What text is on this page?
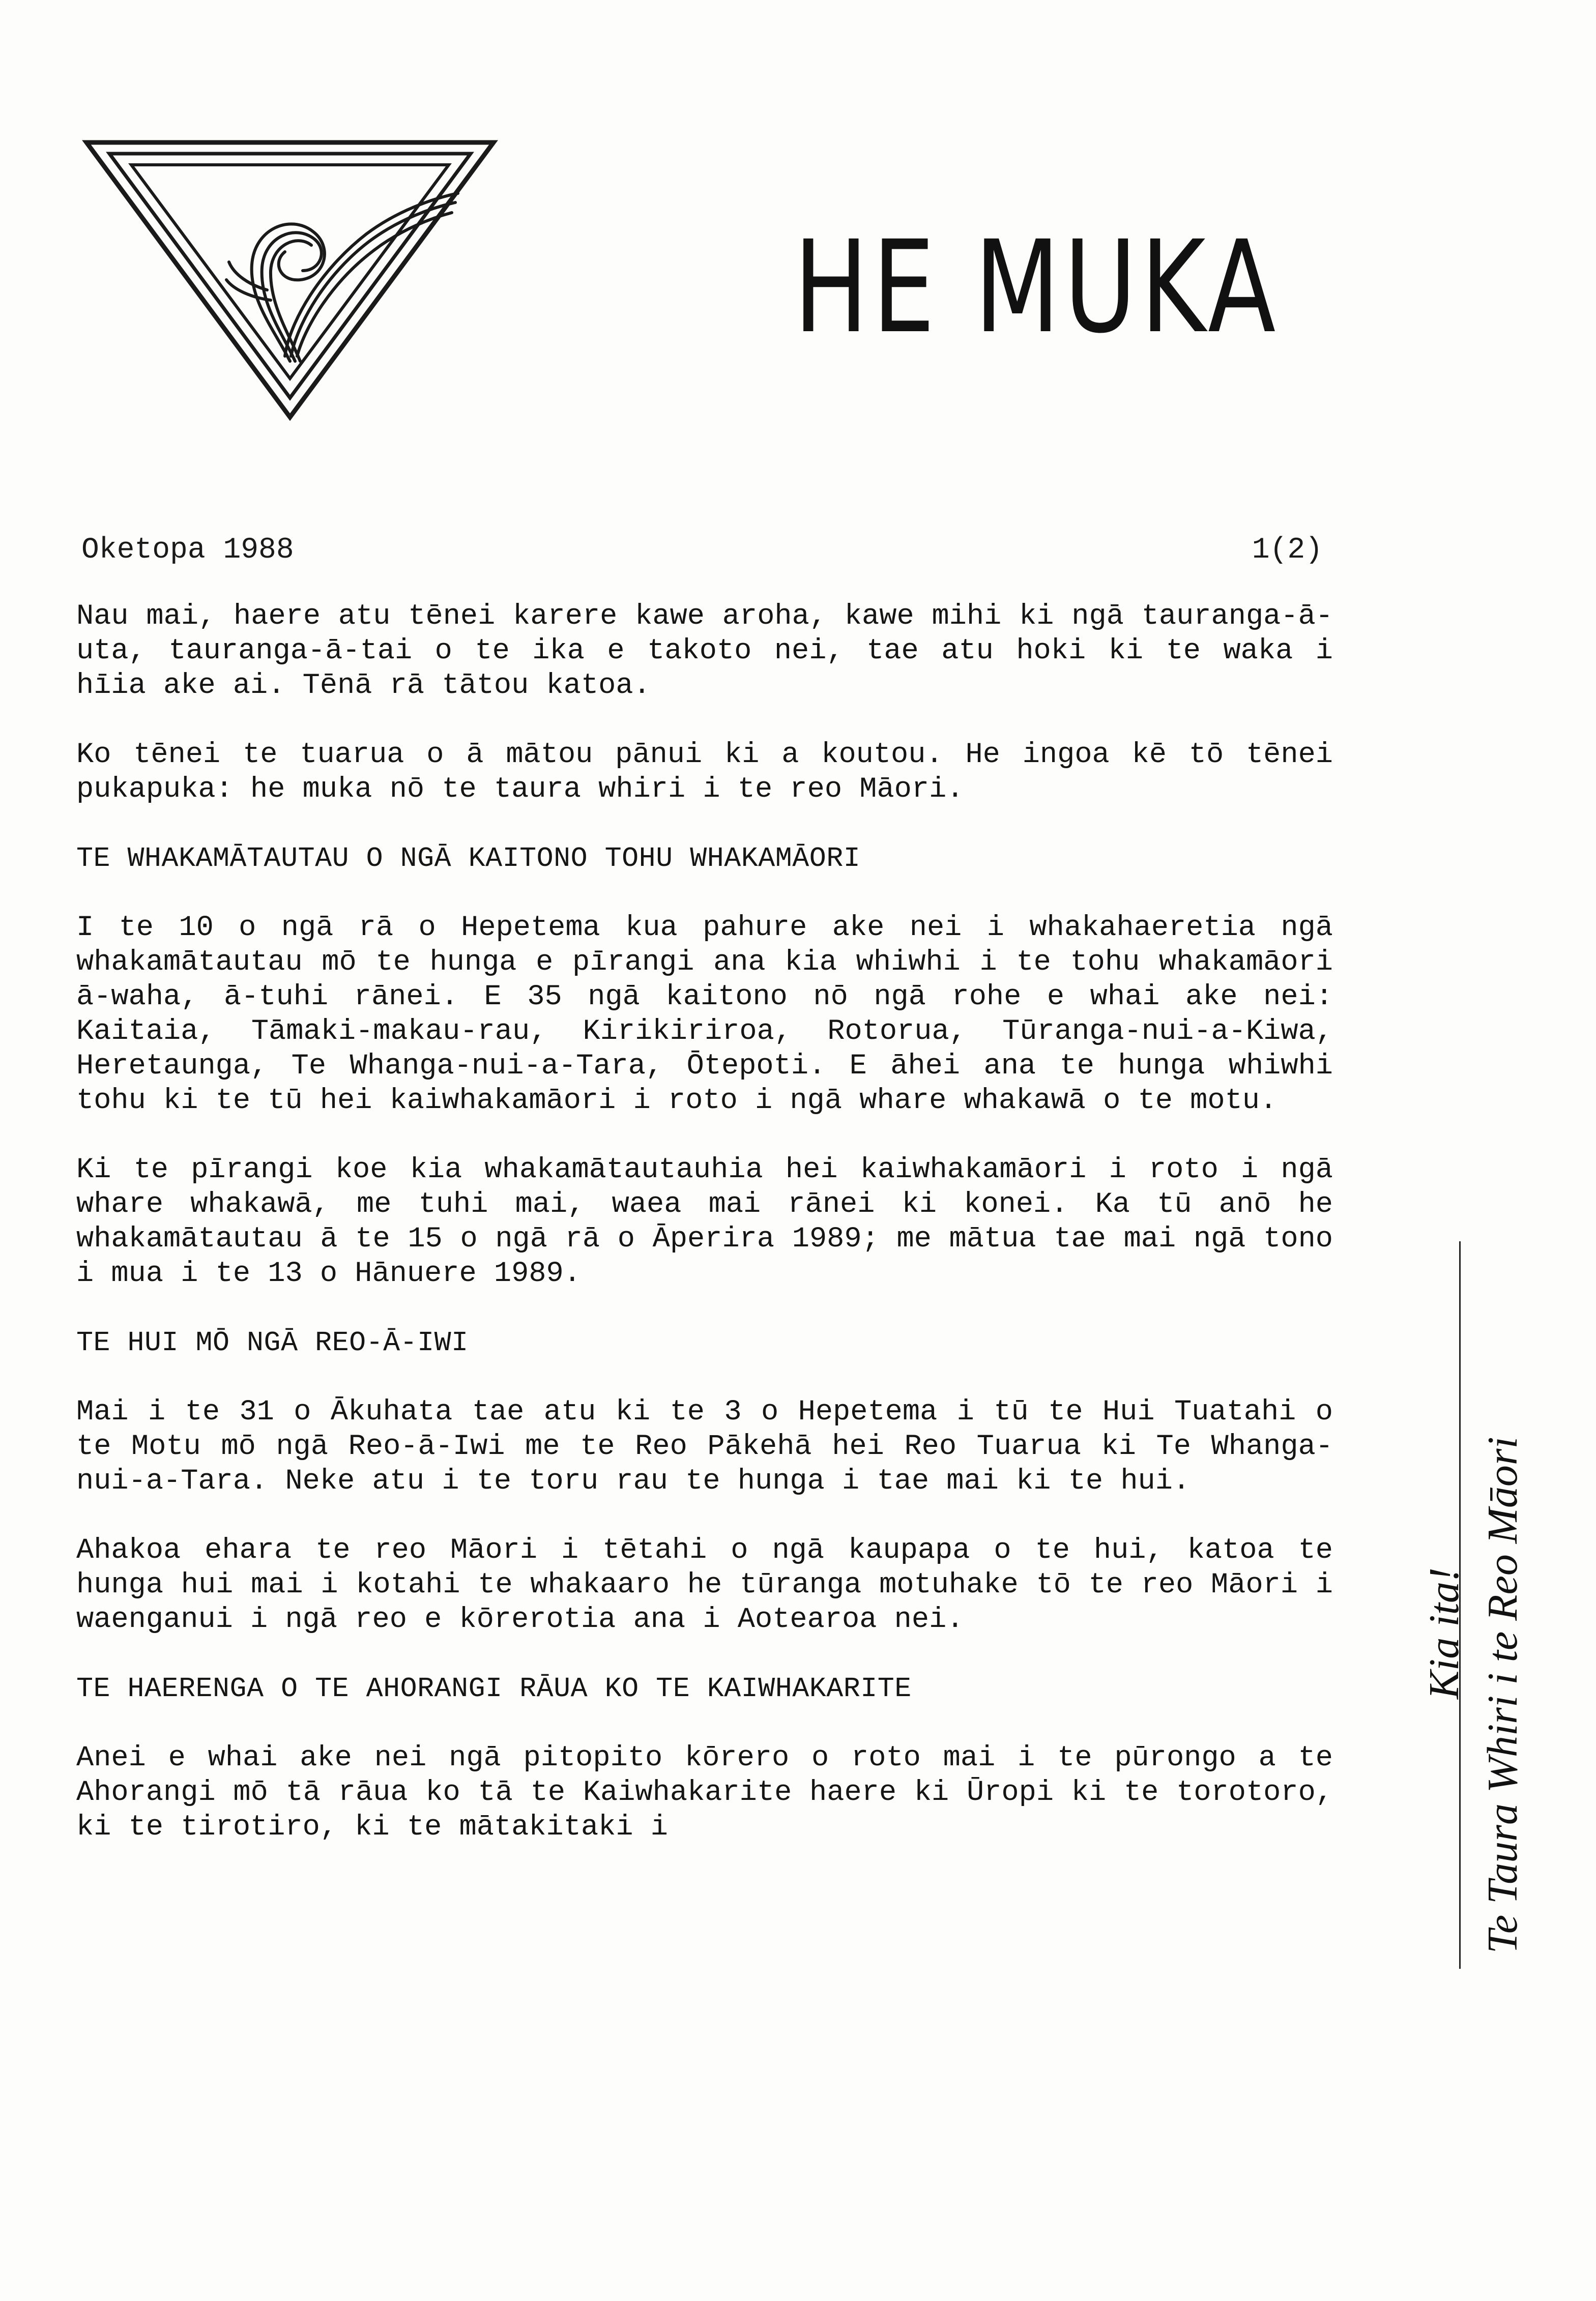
HE MUKA
Oketopa 1988	1(2)

Nau mai, haere atu tēnei karere kawe aroha, kawe mihi ki ngā tauranga-ā-uta, tauranga-ā-tai o te ika e takoto nei, tae atu hoki ki te waka i hīia ake ai. Tēnā rā tātou katoa.

Ko tēnei te tuarua o ā mātou pānui ki a koutou. He ingoa kē tō tēnei pukapuka: he muka nō te taura whiri i te reo Māori.

TE WHAKAMĀTAUTAU O NGĀ KAITONO TOHU WHAKAMĀORI

I te 10 o ngā rā o Hepetema kua pahure ake nei i whakahaeretia ngā whakamātautau mō te hunga e pīrangi ana kia whiwhi i te tohu whakamāori ā-waha, ā-tuhi rānei. E 35 ngā kaitono nō ngā rohe e whai ake nei: Kaitaia, Tāmaki-makau-rau, Kirikiriroa, Rotorua, Tūranga-nui-a-Kiwa, Heretaunga, Te Whanga-nui-a-Tara, Ōtepoti. E āhei ana te hunga whiwhi tohu ki te tū hei kaiwhakamāori i roto i ngā whare whakawā o te motu.

Ki te pīrangi koe kia whakamātautauhia hei kaiwhakamāori i roto i ngā whare whakawā, me tuhi mai, waea mai rānei ki konei. Ka tū anō he whakamātautau ā te 15 o ngā rā o Āperira 1989; me mātua tae mai ngā tono i mua i te 13 o Hānuere 1989.

TE HUI MŌ NGĀ REO-Ā-IWI

Mai i te 31 o Ākuhata tae atu ki te 3 o Hepetema i tū te Hui Tuatahi o te Motu mō ngā Reo-ā-Iwi me te Reo Pākehā hei Reo Tuarua ki Te Whanga-nui-a-Tara. Neke atu i te toru rau te hunga i tae mai ki te hui.

Ahakoa ehara te reo Māori i tētahi o ngā kaupapa o te hui, katoa te hunga hui mai i kotahi te whakaaro he tūranga motuhake tō te reo Māori i waenganui i ngā reo e kōrerotia ana i Aotearoa nei.

TE HAERENGA O TE AHORANGI RĀUA KO TE KAIWHAKARITE

Anei e whai ake nei ngā pitopito kōrero o roto mai i te pūrongo a te Ahorangi mō tā rāua ko tā te Kaiwhakarite haere ki Ūropi ki te torotoro, ki te tirotiro, ki te mātakitaki i

Kia ita! Te Taura Whiri i te Reo Māori
